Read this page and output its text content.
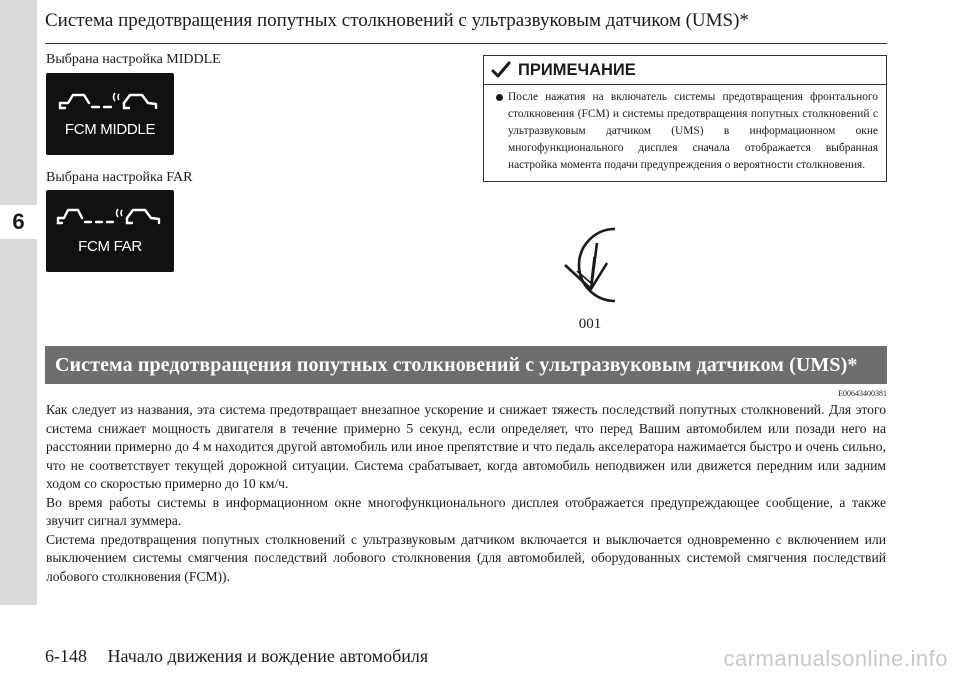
6
Система предотвращения попутных столкновений с ультразвуковым датчиком (UMS)*
Выбрана настройка MIDDLE
FCM MIDDLE
Выбрана настройка FAR
FCM FAR
ПРИМЕЧАНИЕ
После нажатия на включатель системы предотвращения фронтального столкновения (FCM) и системы предотвращения попутных столкновений с ультразвуковым датчиком (UMS) в информационном окне многофункционального дисплея сначала отображается выбранная настройка момента подачи предупреждения о вероятности столкновения.
001
Система предотвращения попутных столкновений с ультразвуковым датчиком (UMS)*
E00643400381

Как следует из названия, эта система предотвращает внезапное ускорение и снижает тяжесть последствий попутных столкновений. Для этого система снижает мощность двигателя в течение примерно 5 секунд, если определяет, что перед Вашим автомобилем или позади него на расстоянии примерно до 4 м находится другой автомобиль или иное препятствие и что педаль акселератора нажимается быстро и очень сильно, что не соответствует текущей дорожной ситуации. Система срабатывает, когда автомобиль неподвижен или движется передним или задним ходом со скоростью примерно до 10 км/ч.

Во время работы системы в информационном окне многофункционального дисплея отображается предупреждающее сообщение, а также звучит сигнал зуммера.

Система предотвращения попутных столкновений с ультразвуковым датчиком включается и выключается одновременно с включением или выключением системы смягчения последствий лобового столкновения (для автомобилей, оборудованных системой смягчения последствий лобового столкновения (FCM)).

6-148 Начало движения и вождение автомобиля	carmanualsonline.info
